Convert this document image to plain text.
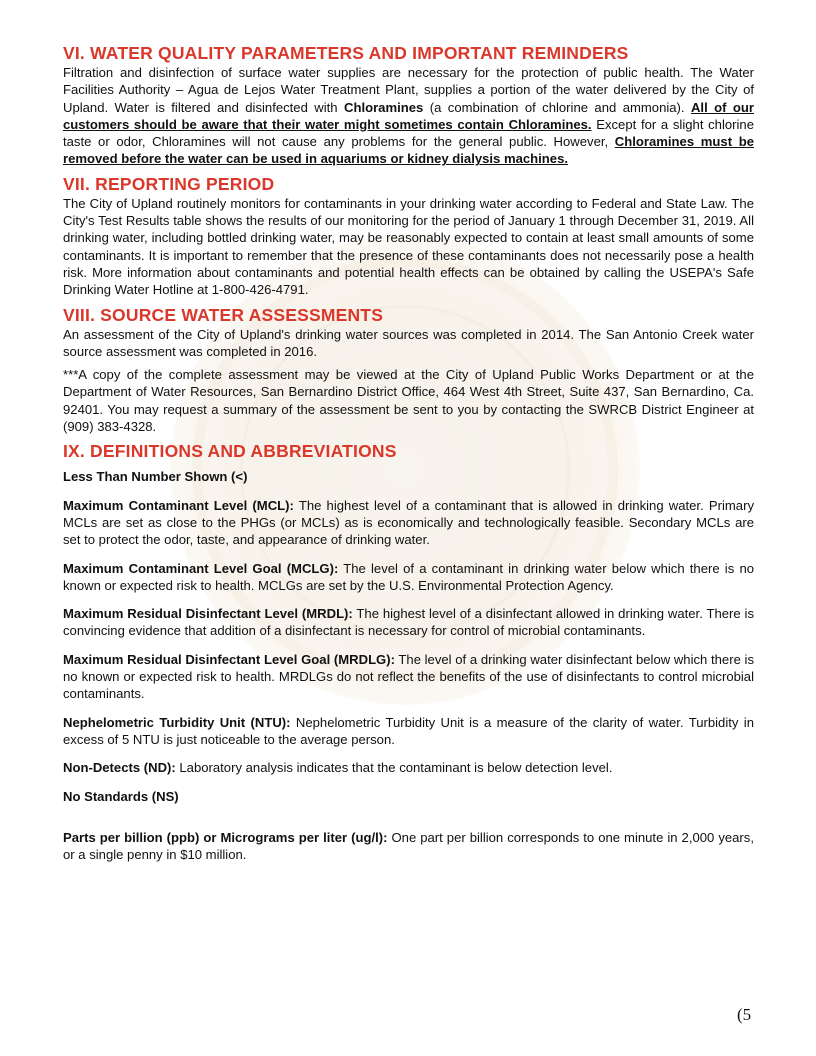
VI. WATER QUALITY PARAMETERS AND IMPORTANT REMINDERS

Filtration and disinfection of surface water supplies are necessary for the protection of public health. The Water Facilities Authority – Agua de Lejos Water Treatment Plant, supplies a portion of the water delivered by the City of Upland. Water is filtered and disinfected with Chloramines (a combination of chlorine and ammonia). All of our customers should be aware that their water might sometimes contain Chloramines. Except for a slight chlorine taste or odor, Chloramines will not cause any problems for the general public. However, Chloramines must be removed before the water can be used in aquariums or kidney dialysis machines.

VII. REPORTING PERIOD

The City of Upland routinely monitors for contaminants in your drinking water according to Federal and State Law. The City's Test Results table shows the results of our monitoring for the period of January 1 through December 31, 2019. All drinking water, including bottled drinking water, may be reasonably expected to contain at least small amounts of some contaminants. It is important to remember that the presence of these contaminants does not necessarily pose a health risk. More information about contaminants and potential health effects can be obtained by calling the USEPA's Safe Drinking Water Hotline at 1-800-426-4791.

VIII. SOURCE WATER ASSESSMENTS

An assessment of the City of Upland's drinking water sources was completed in 2014. The San Antonio Creek water source assessment was completed in 2016.

***A copy of the complete assessment may be viewed at the City of Upland Public Works Department or at the Department of Water Resources, San Bernardino District Office, 464 West 4th Street, Suite 437, San Bernardino, Ca. 92401. You may request a summary of the assessment be sent to you by contacting the SWRCB District Engineer at (909) 383-4328.

IX. DEFINITIONS AND ABBREVIATIONS

Less Than Number Shown (<)

Maximum Contaminant Level (MCL): The highest level of a contaminant that is allowed in drinking water. Primary MCLs are set as close to the PHGs (or MCLs) as is economically and technologically feasible. Secondary MCLs are set to protect the odor, taste, and appearance of drinking water.

Maximum Contaminant Level Goal (MCLG): The level of a contaminant in drinking water below which there is no known or expected risk to health. MCLGs are set by the U.S. Environmental Protection Agency.

Maximum Residual Disinfectant Level (MRDL): The highest level of a disinfectant allowed in drinking water. There is convincing evidence that addition of a disinfectant is necessary for control of microbial contaminants.

Maximum Residual Disinfectant Level Goal (MRDLG): The level of a drinking water disinfectant below which there is no known or expected risk to health. MRDLGs do not reflect the benefits of the use of disinfectants to control microbial contaminants.

Nephelometric Turbidity Unit (NTU): Nephelometric Turbidity Unit is a measure of the clarity of water. Turbidity in excess of 5 NTU is just noticeable to the average person.

Non-Detects (ND): Laboratory analysis indicates that the contaminant is below detection level.

No Standards (NS)

Parts per billion (ppb) or Micrograms per liter (ug/l): One part per billion corresponds to one minute in 2,000 years, or a single penny in $10 million.

(5
